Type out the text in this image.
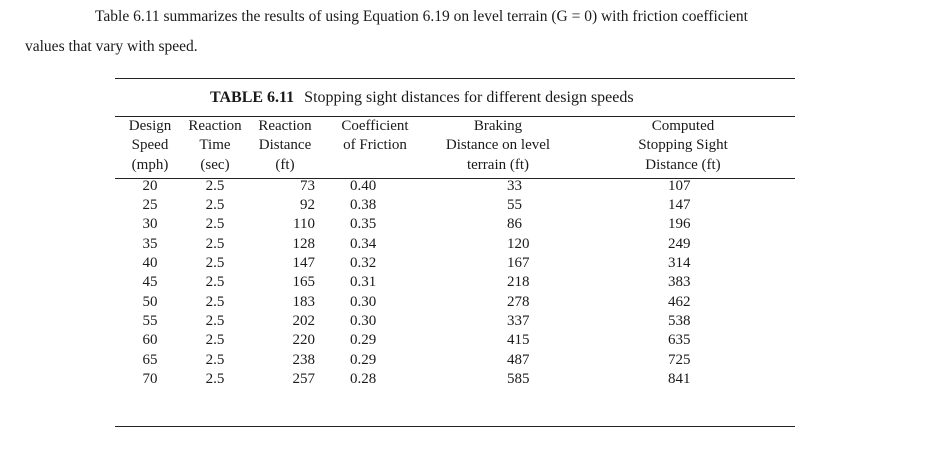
Table 6.11 summarizes the results of using Equation 6.19 on level terrain (G = 0) with friction coefficient
values that vary with speed.
TABLE 6.11 Stopping sight distances for different design speeds
Design	Reaction	Reaction	Coefficient	Braking	Computed
Speed	Time	Distance	of Friction	Distance on level	Stopping Sight
(mph)	(sec)	(ft)		terrain (ft)	Distance (ft)
20	2.5	73	0.40	33	107
25	2.5	92	0.38	55	147
30	2.5	110	0.35	86	196
35	2.5	128	0.34	120	249
40	2.5	147	0.32	167	314
45	2.5	165	0.31	218	383
50	2.5	183	0.30	278	462
55	2.5	202	0.30	337	538
60	2.5	220	0.29	415	635
65	2.5	238	0.29	487	725
70	2.5	257	0.28	585	841
